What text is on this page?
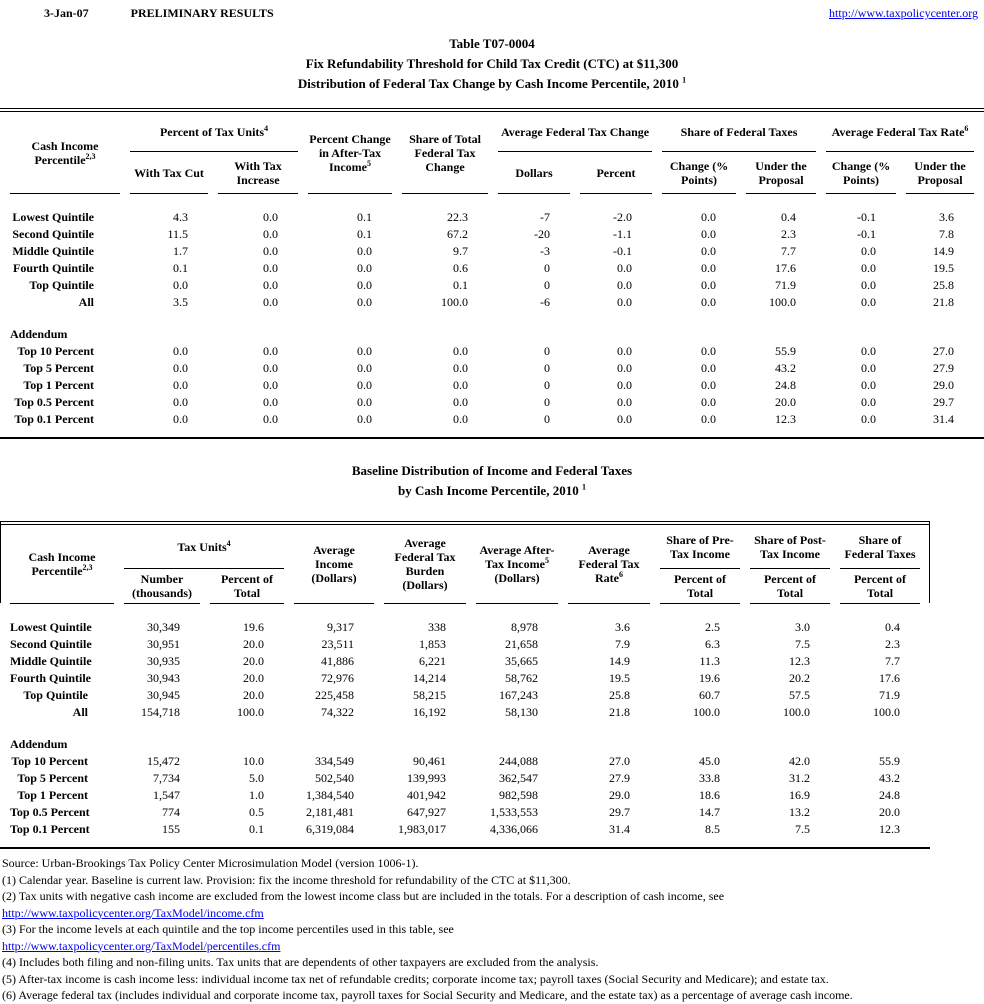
3-Jan-07	PRELIMINARY RESULTS	http://www.taxpolicycenter.org
Table T07-0004
Fix Refundability Threshold for Child Tax Credit (CTC) at $11,300
Distribution of Federal Tax Change by Cash Income Percentile, 2010 $^1$
Cash Income Percentile$^{2,3}$	Percent of Tax Units$^4$		Percent Change in After-Tax Income$^5$	Share of Total Federal Tax Change	Average Federal Tax Change		Share of Federal Taxes		Average Federal Tax Rate$^6$
	With Tax Cut	With Tax Increase			Dollars	Percent	Change (% Points)	Under the Proposal	Change (% Points)	Under the Proposal

Lowest Quintile	4.3	0.0	0.1	22.3	-7	-2.0	0.0	0.4	-0.1	3.6
Second Quintile	11.5	0.0	0.1	67.2	-20	-1.1	0.0	2.3	-0.1	7.8
Middle Quintile	1.7	0.0	0.0	9.7	-3	-0.1	0.0	7.7	0.0	14.9
Fourth Quintile	0.1	0.0	0.0	0.6	0	0.0	0.0	17.6	0.0	19.5
Top Quintile	0.0	0.0	0.0	0.1	0	0.0	0.0	71.9	0.0	25.8
All	3.5	0.0	0.0	100.0	-6	0.0	0.0	100.0	0.0	21.8

Addendum										
Top 10 Percent	0.0	0.0	0.0	0.0	0	0.0	0.0	55.9	0.0	27.0
Top 5 Percent	0.0	0.0	0.0	0.0	0	0.0	0.0	43.2	0.0	27.9
Top 1 Percent	0.0	0.0	0.0	0.0	0	0.0	0.0	24.8	0.0	29.0
Top 0.5 Percent	0.0	0.0	0.0	0.0	0	0.0	0.0	20.0	0.0	29.7
Top 0.1 Percent	0.0	0.0	0.0	0.0	0	0.0	0.0	12.3	0.0	31.4
Baseline Distribution of Income and Federal Taxes
by Cash Income Percentile, 2010 $^1$
Cash Income Percentile$^{2,3}$	Tax Units$^4$		Average Income (Dollars)	Average Federal Tax Burden (Dollars)	Average After-Tax Income$^5$ (Dollars)	Average Federal Tax Rate$^6$	Share of Pre-Tax Income	Share of Post-Tax Income	Share of Federal Taxes
	Number (thousands)	Percent of Total					Percent of Total	Percent of Total	Percent of Total

Lowest Quintile	30,349	19.6	9,317	338	8,978	3.6	2.5	3.0	0.4
Second Quintile	30,951	20.0	23,511	1,853	21,658	7.9	6.3	7.5	2.3
Middle Quintile	30,935	20.0	41,886	6,221	35,665	14.9	11.3	12.3	7.7
Fourth Quintile	30,943	20.0	72,976	14,214	58,762	19.5	19.6	20.2	17.6
Top Quintile	30,945	20.0	225,458	58,215	167,243	25.8	60.7	57.5	71.9
All	154,718	100.0	74,322	16,192	58,130	21.8	100.0	100.0	100.0

Addendum									
Top 10 Percent	15,472	10.0	334,549	90,461	244,088	27.0	45.0	42.0	55.9
Top 5 Percent	7,734	5.0	502,540	139,993	362,547	27.9	33.8	31.2	43.2
Top 1 Percent	1,547	1.0	1,384,540	401,942	982,598	29.0	18.6	16.9	24.8
Top 0.5 Percent	774	0.5	2,181,481	647,927	1,533,553	29.7	14.7	13.2	20.0
Top 0.1 Percent	155	0.1	6,319,084	1,983,017	4,336,066	31.4	8.5	7.5	12.3
Source: Urban-Brookings Tax Policy Center Microsimulation Model (version 1006-1).
(1) Calendar year. Baseline is current law. Provision: fix the income threshold for refundability of the CTC at $11,300.
(2) Tax units with negative cash income are excluded from the lowest income class but are included in the totals. For a description of cash income, see
http://www.taxpolicycenter.org/TaxModel/income.cfm
(3) For the income levels at each quintile and the top income percentiles used in this table, see
http://www.taxpolicycenter.org/TaxModel/percentiles.cfm
(4) Includes both filing and non-filing units. Tax units that are dependents of other taxpayers are excluded from the analysis.
(5) After-tax income is cash income less: individual income tax net of refundable credits; corporate income tax; payroll taxes (Social Security and Medicare); and estate tax.
(6) Average federal tax (includes individual and corporate income tax, payroll taxes for Social Security and Medicare, and the estate tax) as a percentage of average cash income.
